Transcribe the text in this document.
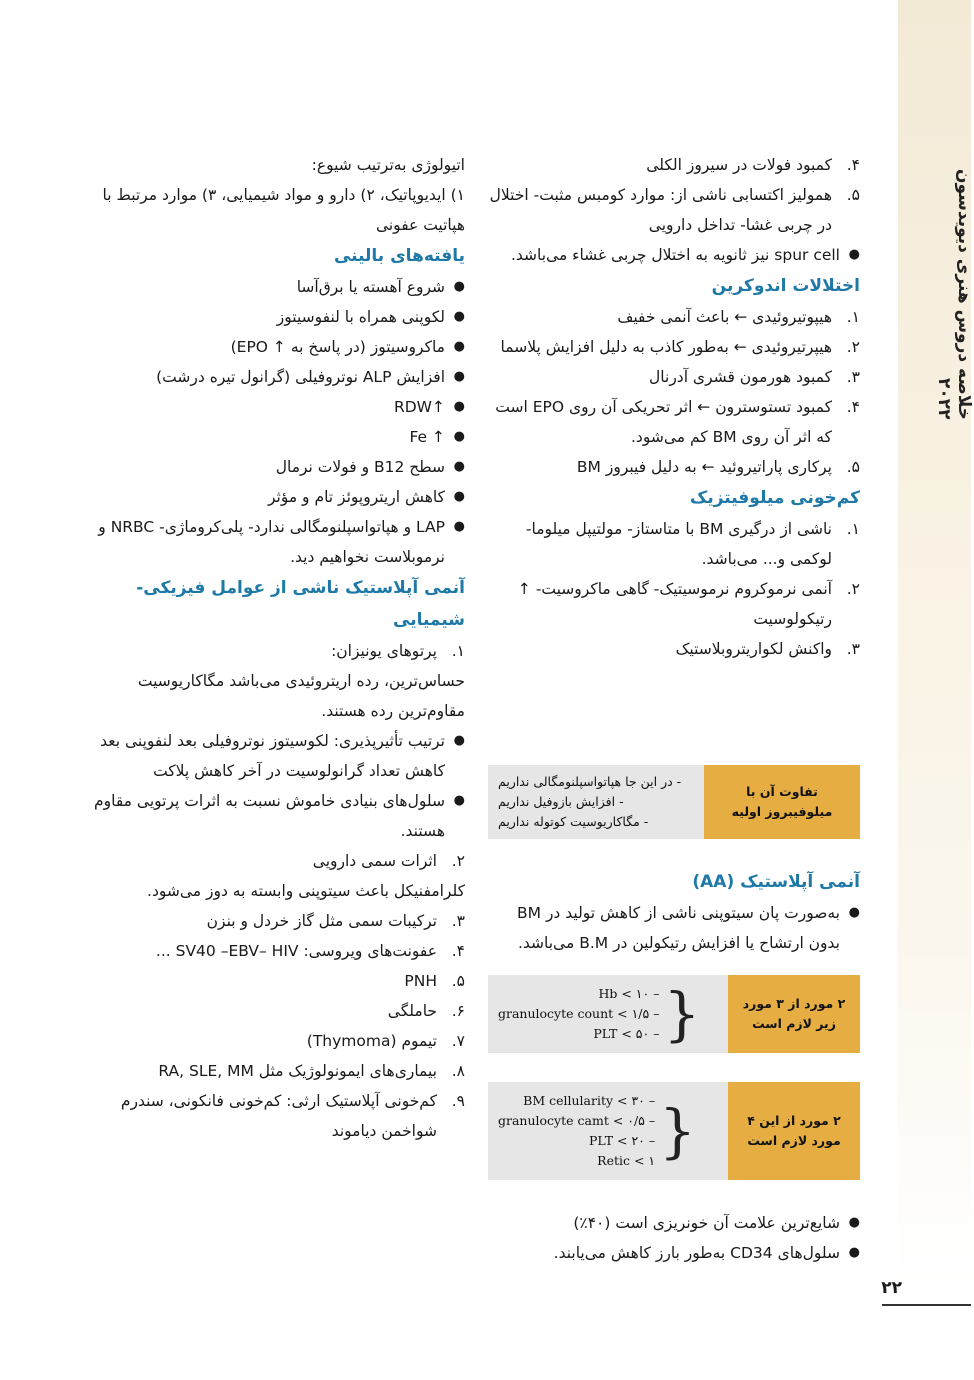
خلاصه دروس هنری دیویدسون ۲۰۲۲
۴.
کمبود فولات در سیروز الکلی
۵.
همولیز اکتسابی ناشی از: موارد کومبس مثبت- اختلال در چربی غشا- تداخل دارویی
●
spur cell نیز ثانویه به اختلال چربی غشاء می‌باشد.

اختلالات اندوکرین

۱.
هیپوتیروئیدی ← باعث آنمی خفیف
۲.
هیپرتیروئیدی ← به‌طور کاذب به دلیل افزایش پلاسما
۳.
کمبود هورمون قشری آدرنال
۴.
کمبود تستوسترون ← اثر تحریکی آن روی EPO است که اثر آن روی BM کم می‌شود.
۵.
پرکاری پاراتیروئید ← به دلیل فیبروز BM

کم‌خونی میلوفیتزیک

۱.
ناشی از درگیری BM با متاستاز- مولتیپل میلوما- لوکمی و... می‌باشد.
۲.
آنمی نرموکروم نرموسیتیک- گاهی ماکروسیت- ↑ رتیکولوسیت
۳.
واکنش لکواریتروبلاستیک
تفاوت آن با میلوفیبروز اولیه
- در این جا هپاتواسپلنومگالی نداریم
- افزایش بازوفیل نداریم
- مگاکاریوسیت کوتوله نداریم

آنمی آپلاستیک (AA)

●
به‌صورت پان سیتوپنی ناشی از کاهش تولید در BM بدون ارتشاح یا افزایش رتیکولین در B.M می‌باشد.
۲ مورد از ۳ مورد زیر لازم است
{
Hb < ۱۰ –
granulocyte count < ۱/۵ –
PLT < ۵۰ –
۲ مورد از این ۴ مورد لازم است
{
BM cellularity < ۳۰ –
granulocyte camt < ۰/۵ –
PLT < ۲۰ –
Retic < ۱
●
شایع‌ترین علامت آن خونریزی است (۴۰٪)
●
سلول‌های CD34 به‌طور بارز کاهش می‌یابند.

اتیولوژی به‌ترتیب شیوع:

۱) ایدیوپاتیک، ۲) دارو و مواد شیمیایی، ۳) موارد مرتبط با هپاتیت عفونی

یافته‌های بالینی

●
شروع آهسته یا برق‌آسا
●
لکوپنی همراه با لنفوسیتوز
●
ماکروسیتوز (در پاسخ به ↑ EPO)
●
افزایش ALP نوتروفیلی (گرانول تیره درشت)
●
↑RDW
●
↑ Fe
●
سطح B12 و فولات نرمال
●
کاهش اریتروپوئز تام و مؤثر
●
LAP و هپاتواسپلنومگالی ندارد- پلی‌کروماژی- NRBC و نرموبلاست نخواهیم دید.

آنمی آپلاستیک ناشی از عوامل فیزیکی- شیمیایی

۱.
پرتوهای یونیزان:

حساس‌ترین، رده اریتروئیدی می‌باشد مگاکاریوسیت مقاوم‌ترین رده هستند.

●
ترتیب تأثیرپذیری: لکوسیتوز نوتروفیلی بعد لنفوپنی بعد کاهش تعداد گرانولوسیت در آخر کاهش پلاکت
●
سلول‌های بنیادی خاموش نسبت به اثرات پرتویی مقاوم هستند.
۲.
اثرات سمی دارویی

کلرامفنیکل باعث سیتوپنی وابسته به دوز می‌شود.

۳.
ترکیبات سمی مثل گاز خردل و بنزن
۴.
عفونت‌های ویروسی: SV40 –EBV– HIV ...
۵.
PNH
۶.
حاملگی
۷.
تیموم (Thymoma)
۸.
بیماری‌های ایمونولوژیک مثل RA, SLE, MM
۹.
کم‌خونی آپلاستیک ارثی: کم‌خونی فانکونی، سندرم شواخمن دیاموند
۲۲
